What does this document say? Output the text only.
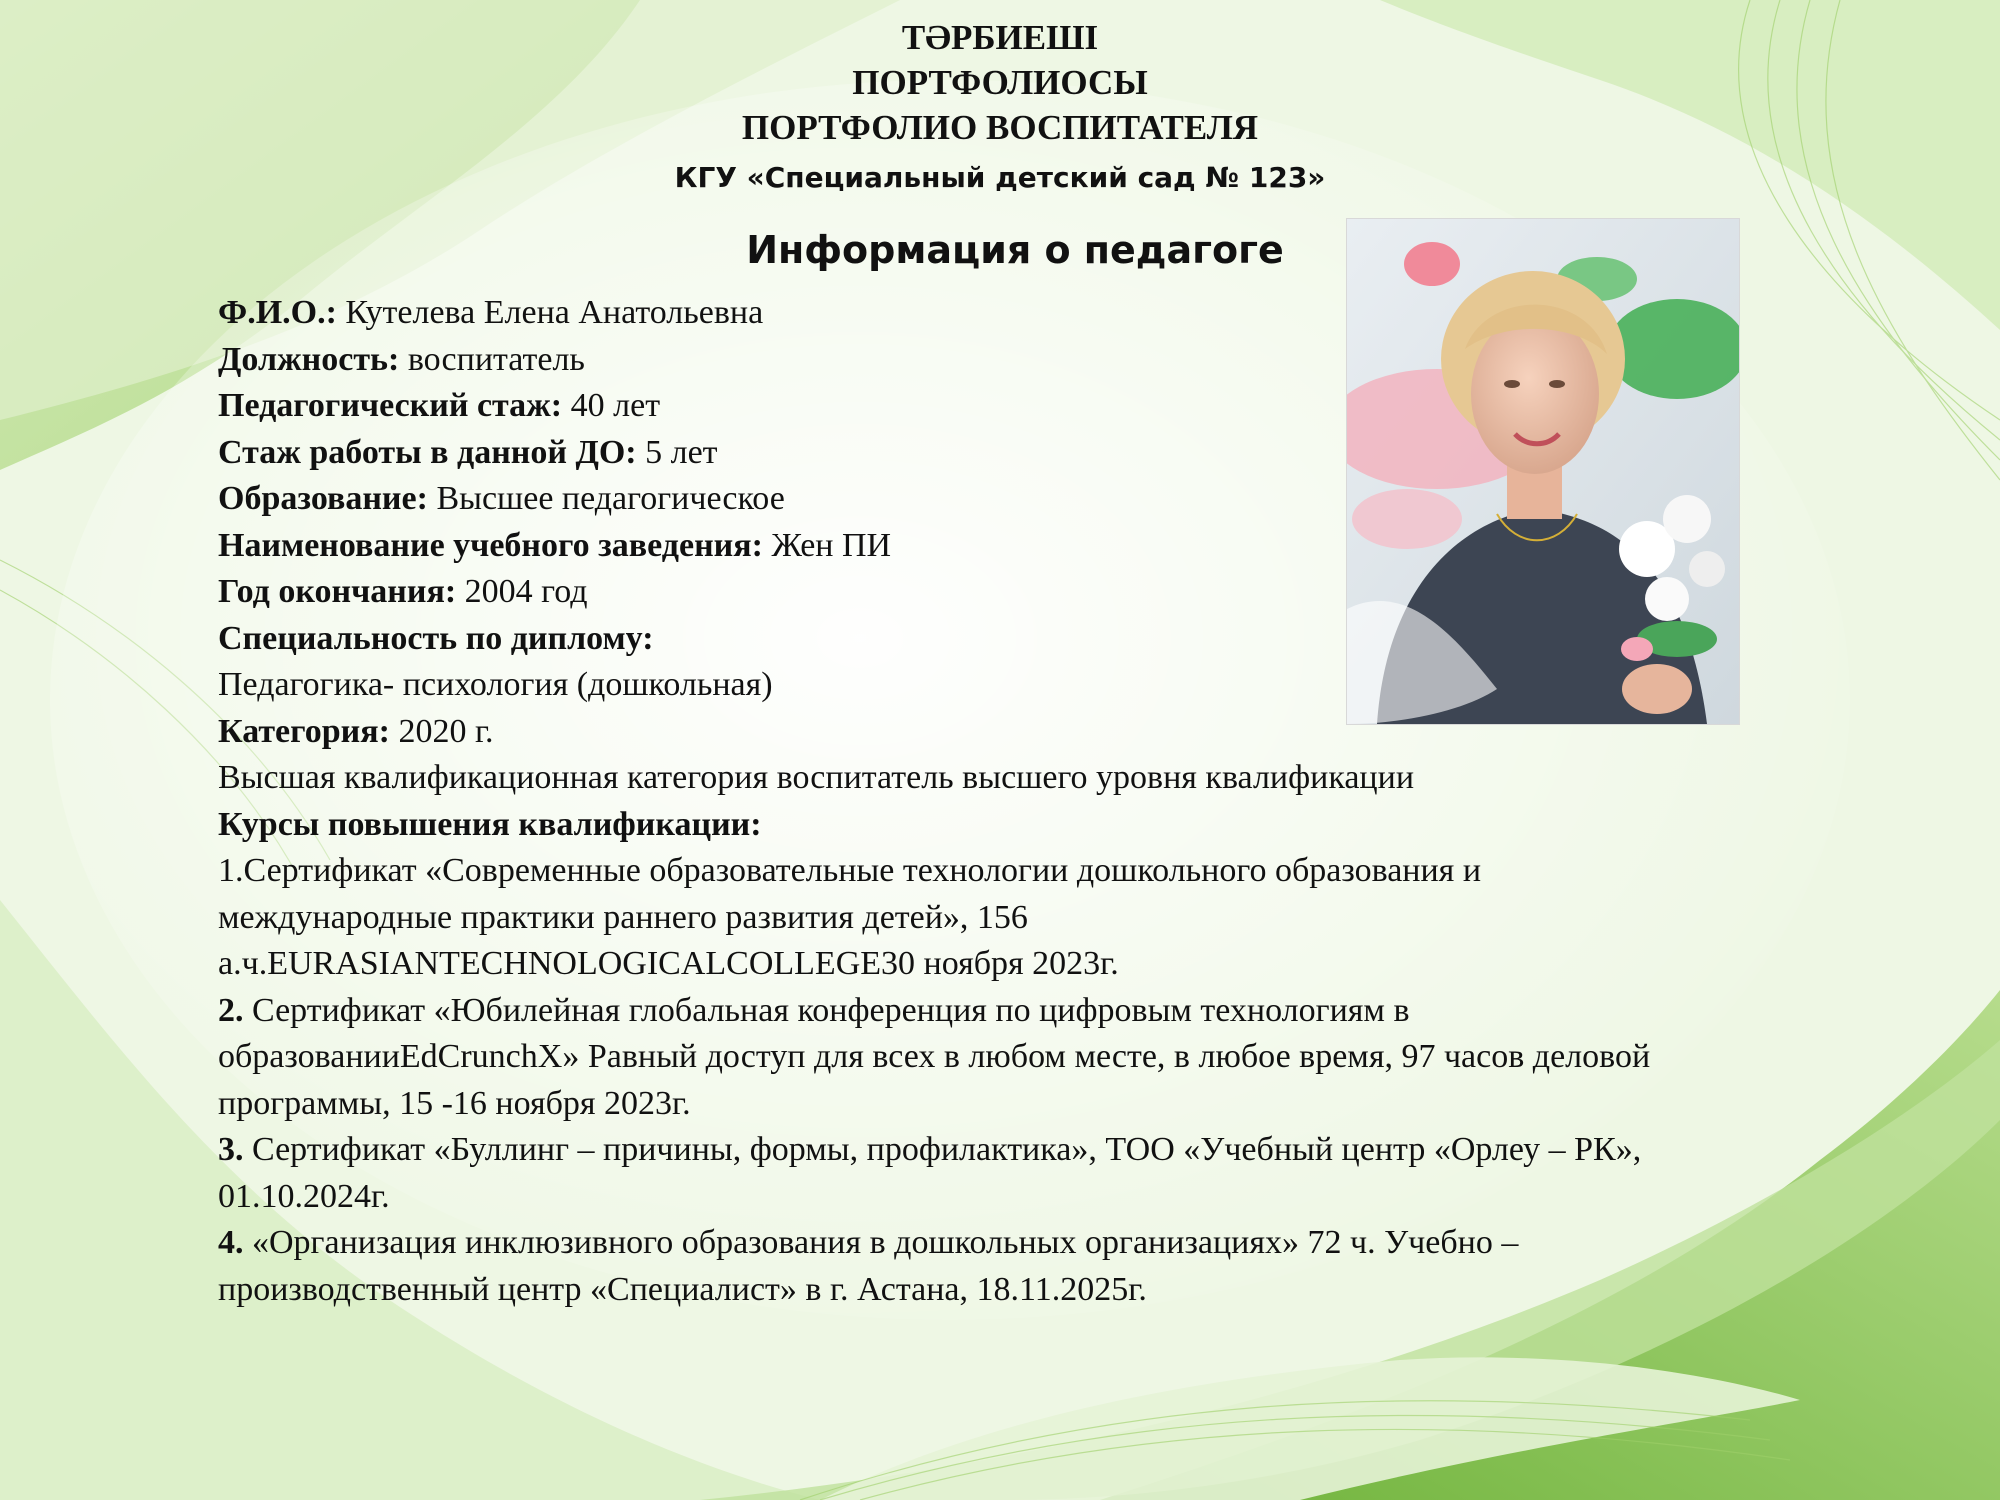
ТӘРБИЕШІ
ПОРТФОЛИОСЫ
ПОРТФОЛИО ВОСПИТАТЕЛЯ
КГУ «Специальный детский сад № 123»
Информация о педагоге
Ф.И.О.: Кутелева Елена Анатольевна
Должность: воспитатель
Педагогический стаж: 40 лет
Стаж работы в данной ДО: 5 лет
Образование: Высшее педагогическое
Наименование учебного заведения: Жен ПИ
Год окончания: 2004 год
Специальность по диплому:
Педагогика- психология (дошкольная)
Категория: 2020 г.
Высшая квалификационная категория воспитатель высшего уровня квалификации
Курсы повышения квалификации:
1.Сертификат «Современные образовательные технологии дошкольного образования и
международные практики раннего развития детей», 156
а.ч.EURASIANTECHNOLOGICALCOLLEGE30 ноября 2023г.
2. Сертификат «Юбилейная глобальная конференция по цифровым технологиям в
образованииEdCrunchX» Равный доступ для всех в любом месте, в любое время, 97 часов деловой
программы, 15 -16 ноября 2023г.
3. Сертификат «Буллинг – причины, формы, профилактика», ТОО «Учебный центр «Орлеу – РК»,
01.10.2024г.
4. «Организация инклюзивного образования в дошкольных организациях» 72 ч. Учебно –
производственный центр «Специалист» в г. Астана, 18.11.2025г.
